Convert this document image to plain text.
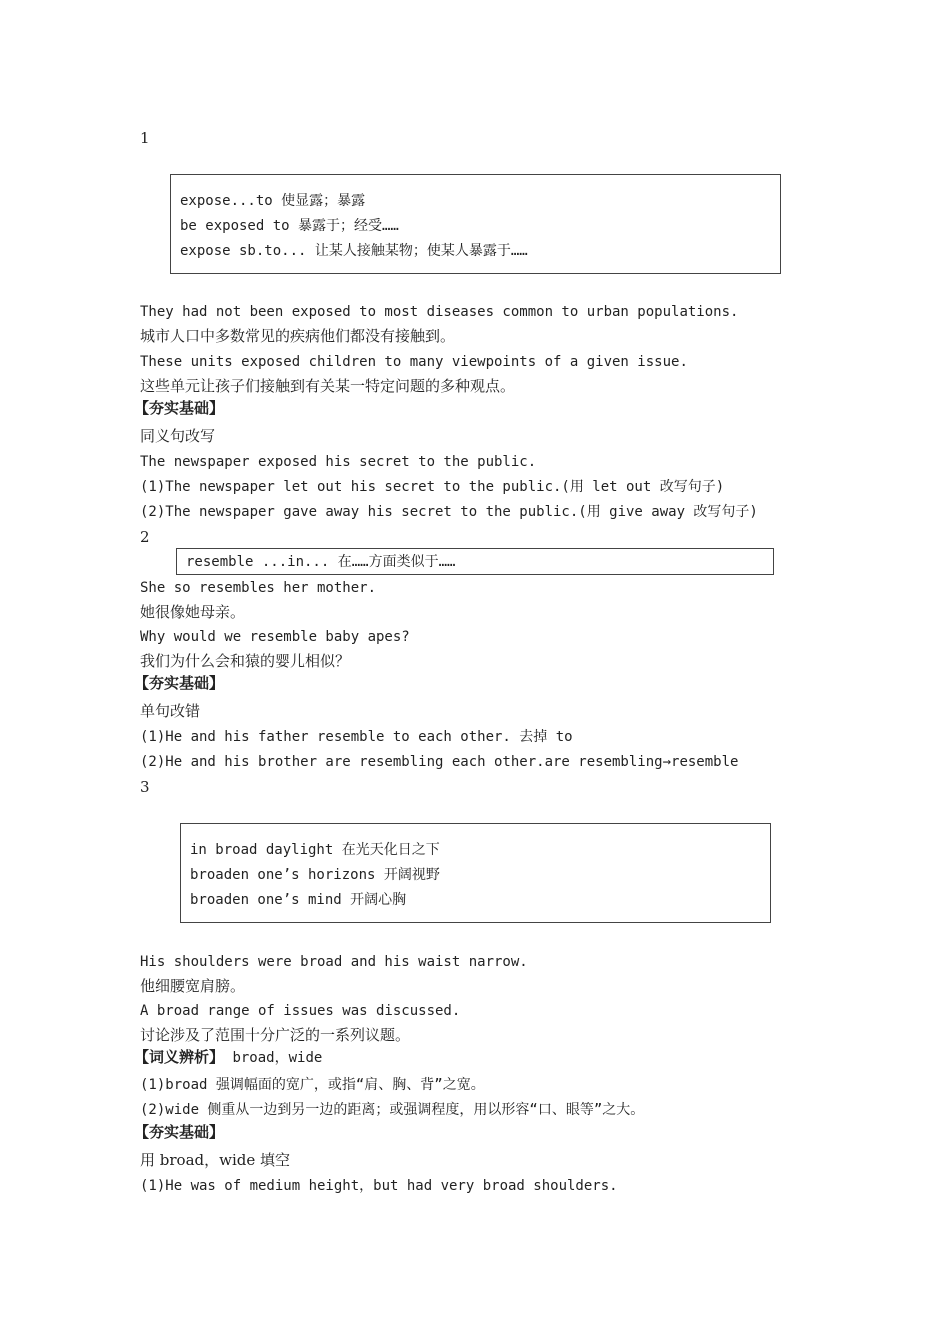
1
expose...to 使显露；暴露
be exposed to 暴露于；经受……
expose sb.to... 让某人接触某物；使某人暴露于……
They had not been exposed to most diseases common to urban populations.
城市人口中多数常见的疾病他们都没有接触到。
These units exposed children to many viewpoints of a given issue.
这些单元让孩子们接触到有关某一特定问题的多种观点。
【夯实基础】
同义句改写
The newspaper exposed his secret to the public.
(1)The newspaper let out his secret to the public.(用 let out 改写句子)
(2)The newspaper gave away his secret to the public.(用 give away 改写句子)
2
resemble ...in... 在……方面类似于……
She so resembles her mother.
她很像她母亲。
Why would we resemble baby apes?
我们为什么会和猿的婴儿相似？
【夯实基础】
单句改错
(1)He and his father resemble to each other. 去掉 to
(2)He and his brother are resembling each other.are resembling→resemble
3
in broad daylight 在光天化日之下
broaden one’s horizons 开阔视野
broaden one’s mind 开阔心胸
His shoulders were broad and his waist narrow.
他细腰宽肩膀。
A broad range of issues was discussed.
讨论涉及了范围十分广泛的一系列议题。
【词义辨析】 broad，wide
(1)broad 强调幅面的宽广，或指“肩、胸、背”之宽。
(2)wide 侧重从一边到另一边的距离；或强调程度，用以形容“口、眼等”之大。
【夯实基础】
用 broad，wide 填空
(1)He was of medium height，but had very broad shoulders.
